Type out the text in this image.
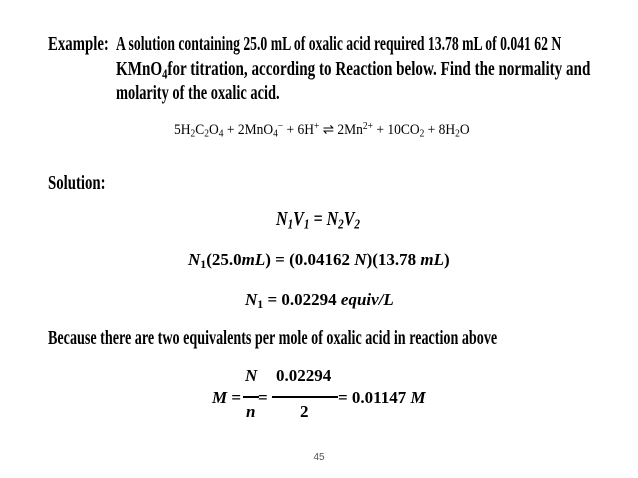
Example: A solution containing 25.0 mL of oxalic acid required 13.78 mL of 0.041 62 N
KMnO$_4$for titration, according to Reaction below. Find the normality and
molarity of the oxalic acid.
$5H_2C_2O_4 + 2MnO_4^- + 6H^+$ ⇌ $2Mn^{2+} + 10CO_2 + 8H_2O$
Solution:
$N_1V_1 = N_2V_2$
$N_1(25.0mL) = (0.04162$ N)(13.78 mL)
$N_1 = 0.02294$ equiv/L
Because there are two equivalents per mole of oxalic acid in reaction above
M =
N
n
=
0.02294
2
= 0.01147 M
45
